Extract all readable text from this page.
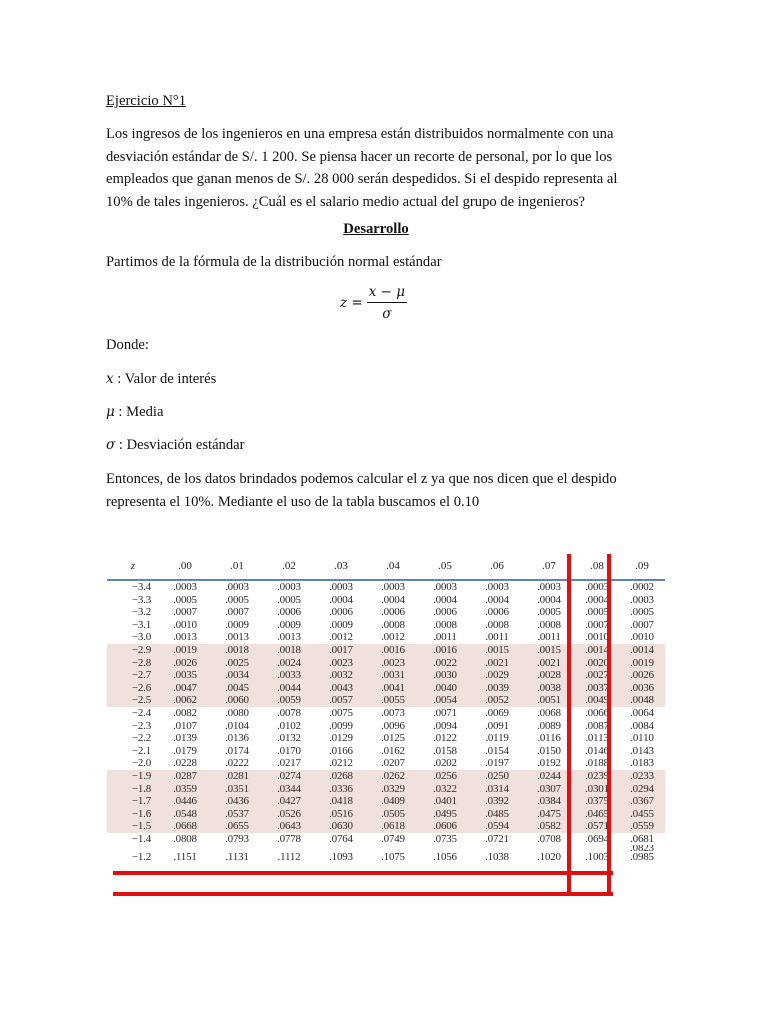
Ejercicio N°1

Los ingresos de los ingenieros en una empresa están distribuidos normalmente con una desviación estándar de S/. 1 200. Se piensa hacer un recorte de personal, por lo que los empleados que ganan menos de S/. 28 000 serán despedidos. Si el despido representa al 10% de tales ingenieros. ¿Cuál es el salario medio actual del grupo de ingenieros?

Desarrollo

Partimos de la fórmula de la distribución normal estándar

$z = \frac{x - \mu}{\sigma}$

Donde:

x : Valor de interés

μ : Media

σ : Desviación estándar

Entonces, de los datos brindados podemos calcular el z ya que nos dicen que el despido representa el 10%. Mediante el uso de la tabla buscamos el 0.10

z	.00	.01	.02	.03	.04	.05	.06	.07	.08	.09
−3.4	.0003	.0003	.0003	.0003	.0003	.0003	.0003	.0003	.0003	.0002
−3.3	.0005	.0005	.0005	.0004	.0004	.0004	.0004	.0004	.0004	.0003
−3.2	.0007	.0007	.0006	.0006	.0006	.0006	.0006	.0005	.0005	.0005
−3.1	.0010	.0009	.0009	.0009	.0008	.0008	.0008	.0008	.0007	.0007
−3.0	.0013	.0013	.0013	.0012	.0012	.0011	.0011	.0011	.0010	.0010
−2.9	.0019	.0018	.0018	.0017	.0016	.0016	.0015	.0015	.0014	.0014
−2.8	.0026	.0025	.0024	.0023	.0023	.0022	.0021	.0021	.0020	.0019
−2.7	.0035	.0034	.0033	.0032	.0031	.0030	.0029	.0028	.0027	.0026
−2.6	.0047	.0045	.0044	.0043	.0041	.0040	.0039	.0038	.0037	.0036
−2.5	.0062	.0060	.0059	.0057	.0055	.0054	.0052	.0051	.0049	.0048
−2.4	.0082	.0080	.0078	.0075	.0073	.0071	.0069	.0068	.0066	.0064
−2.3	.0107	.0104	.0102	.0099	.0096	.0094	.0091	.0089	.0087	.0084
−2.2	.0139	.0136	.0132	.0129	.0125	.0122	.0119	.0116	.0113	.0110
−2.1	.0179	.0174	.0170	.0166	.0162	.0158	.0154	.0150	.0146	.0143
−2.0	.0228	.0222	.0217	.0212	.0207	.0202	.0197	.0192	.0188	.0183
−1.9	.0287	.0281	.0274	.0268	.0262	.0256	.0250	.0244	.0239	.0233
−1.8	.0359	.0351	.0344	.0336	.0329	.0322	.0314	.0307	.0301	.0294
−1.7	.0446	.0436	.0427	.0418	.0409	.0401	.0392	.0384	.0375	.0367
−1.6	.0548	.0537	.0526	.0516	.0505	.0495	.0485	.0475	.0465	.0455
−1.5	.0668	.0655	.0643	.0630	.0618	.0606	.0594	.0582	.0571	.0559
−1.4	.0808	.0793	.0778	.0764	.0749	.0735	.0721	.0708	.0694	.0681
										.0823
−1.2	.1151	.1131	.1112	.1093	.1075	.1056	.1038	.1020	.1003	.0985
